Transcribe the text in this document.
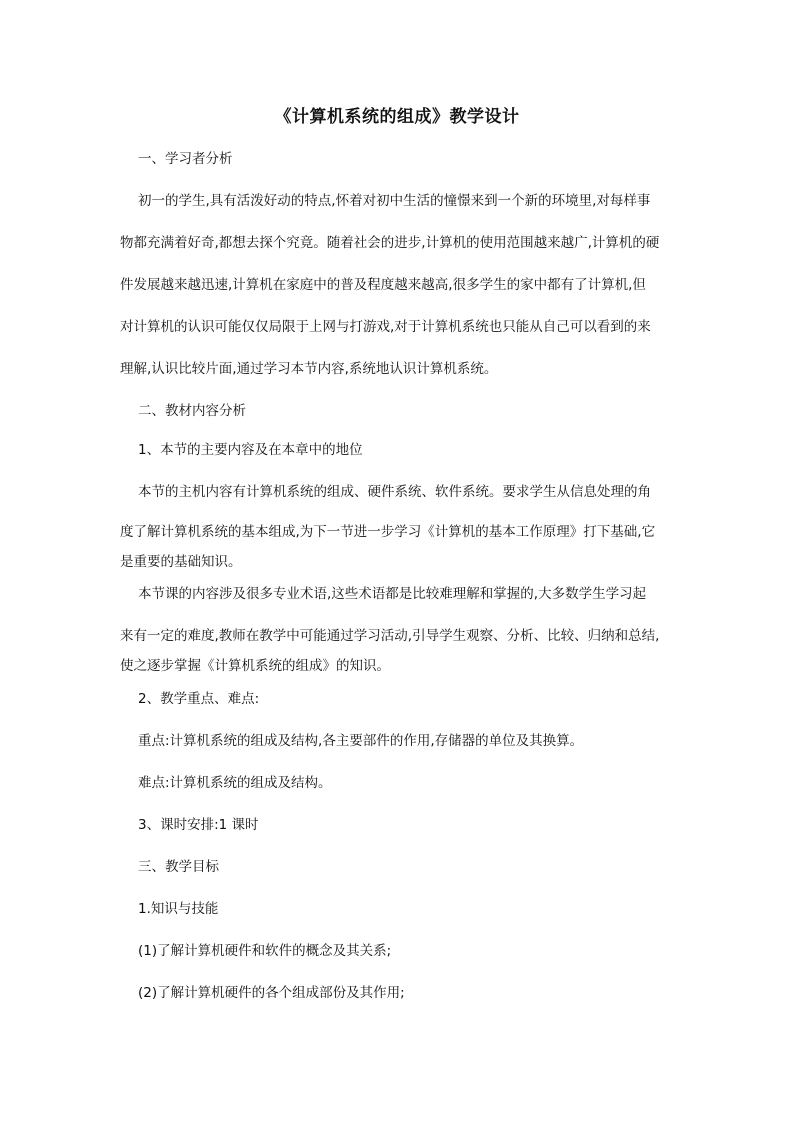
《计算机系统的组成》教学设计

一、学习者分析

初一的学生,具有活泼好动的特点,怀着对初中生活的憧憬来到一个新的环境里,对每样事

物都充满着好奇,都想去探个究竟。随着社会的进步,计算机的使用范围越来越广,计算机的硬

件发展越来越迅速,计算机在家庭中的普及程度越来越高,很多学生的家中都有了计算机,但

对计算机的认识可能仅仅局限于上网与打游戏,对于计算机系统也只能从自己可以看到的来

理解,认识比较片面,通过学习本节内容,系统地认识计算机系统。

二、教材内容分析

1、本节的主要内容及在本章中的地位

本节的主机内容有计算机系统的组成、硬件系统、软件系统。要求学生从信息处理的角

度了解计算机系统的基本组成,为下一节进一步学习《计算机的基本工作原理》打下基础,它

是重要的基础知识。

本节课的内容涉及很多专业术语,这些术语都是比较难理解和掌握的,大多数学生学习起

来有一定的难度,教师在教学中可能通过学习活动,引导学生观察、分析、比较、归纳和总结,

使之逐步掌握《计算机系统的组成》的知识。

2、教学重点、难点:

重点:计算机系统的组成及结构,各主要部件的作用,存储器的单位及其换算。

难点:计算机系统的组成及结构。

3、课时安排:1 课时

三、教学目标

1.知识与技能

(1)了解计算机硬件和软件的概念及其关系;

(2)了解计算机硬件的各个组成部份及其作用;
